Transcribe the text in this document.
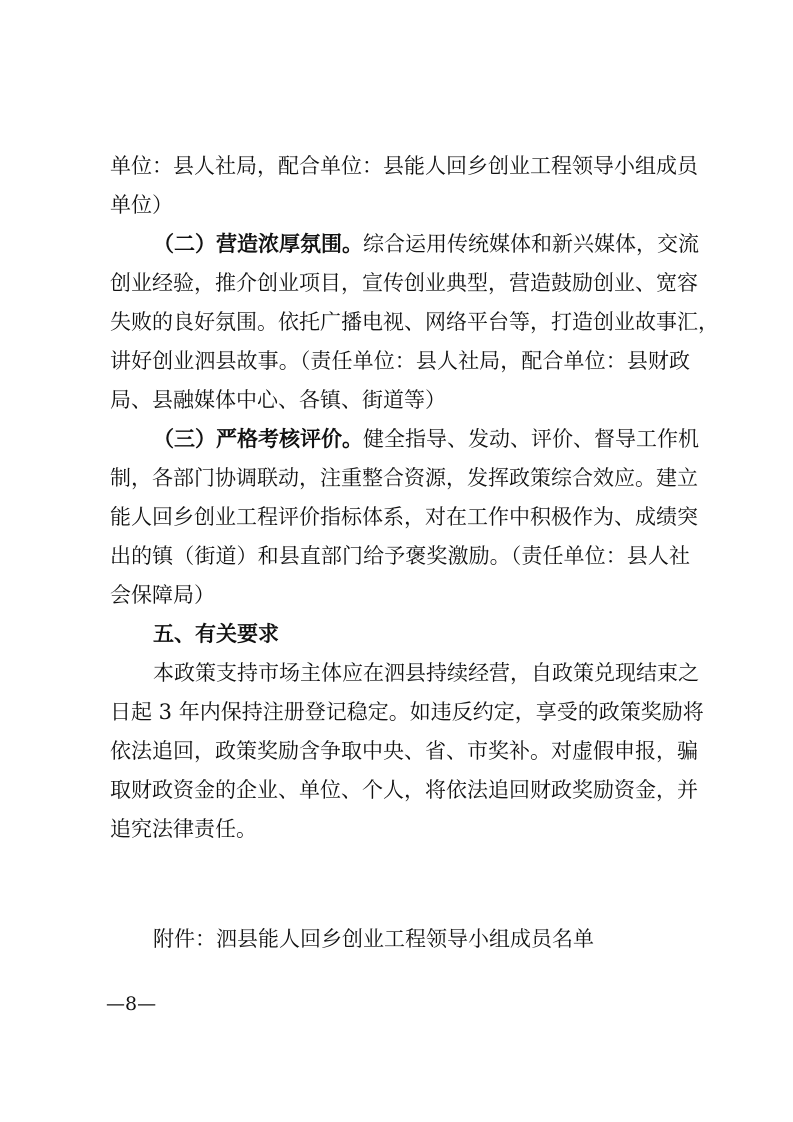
单位：县人社局，配合单位：县能人回乡创业工程领导小组成员
单位）
（二）营造浓厚氛围。综合运用传统媒体和新兴媒体，交流
创业经验，推介创业项目，宣传创业典型，营造鼓励创业、宽容
失败的良好氛围。依托广播电视、网络平台等，打造创业故事汇，
讲好创业泗县故事。（责任单位：县人社局，配合单位：县财政
局、县融媒体中心、各镇、街道等）
（三）严格考核评价。健全指导、发动、评价、督导工作机
制，各部门协调联动，注重整合资源，发挥政策综合效应。建立
能人回乡创业工程评价指标体系，对在工作中积极作为、成绩突
出的镇（街道）和县直部门给予褒奖激励。（责任单位：县人社
会保障局）
五、有关要求
本政策支持市场主体应在泗县持续经营，自政策兑现结束之
日起 3 年内保持注册登记稳定。如违反约定，享受的政策奖励将
依法追回，政策奖励含争取中央、省、市奖补。对虚假申报，骗
取财政资金的企业、单位、个人，将依法追回财政奖励资金，并
追究法律责任。
附件：泗县能人回乡创业工程领导小组成员名单
—8—
